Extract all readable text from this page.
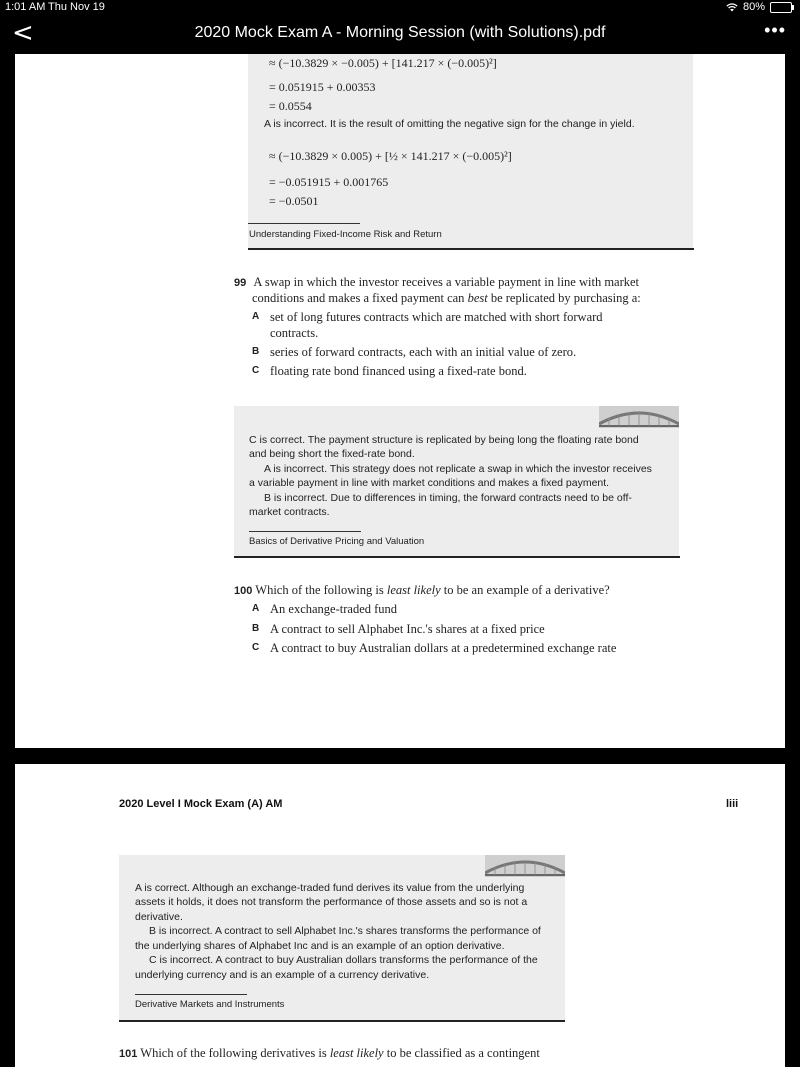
1:01 AM Thu Nov 19	80%
<	2020 Mock Exam A - Morning Session (with Solutions).pdf	•••
≈ (−10.3829 × −0.005) + [141.217 × (−0.005)²]
= 0.051915 + 0.00353
= 0.0554
A is incorrect. It is the result of omitting the negative sign for the change in yield.
≈ (−10.3829 × 0.005) + [½ × 141.217 × (−0.005)²]
= −0.051915 + 0.001765
= −0.0501
Understanding Fixed-Income Risk and Return
99 A swap in which the investor receives a variable payment in line with market
conditions and makes a fixed payment can best be replicated by purchasing a:
A set of long futures contracts which are matched with short forward
contracts.
B series of forward contracts, each with an initial value of zero.
C floating rate bond financed using a fixed-rate bond.
C is correct. The payment structure is replicated by being long the floating rate bond
and being short the fixed-rate bond.
A is incorrect. This strategy does not replicate a swap in which the investor receives
a variable payment in line with market conditions and makes a fixed payment.
B is incorrect. Due to differences in timing, the forward contracts need to be off-
market contracts.
Basics of Derivative Pricing and Valuation
100 Which of the following is least likely to be an example of a derivative?
A An exchange-traded fund
B A contract to sell Alphabet Inc.'s shares at a fixed price
C A contract to buy Australian dollars at a predetermined exchange rate
2020 Level I Mock Exam (A) AM	liii
A is correct. Although an exchange-traded fund derives its value from the underlying
assets it holds, it does not transform the performance of those assets and so is not a
derivative.
B is incorrect. A contract to sell Alphabet Inc.'s shares transforms the performance of
the underlying shares of Alphabet Inc and is an example of an option derivative.
C is incorrect. A contract to buy Australian dollars transforms the performance of the
underlying currency and is an example of a currency derivative.
Derivative Markets and Instruments
101 Which of the following derivatives is least likely to be classified as a contingent
